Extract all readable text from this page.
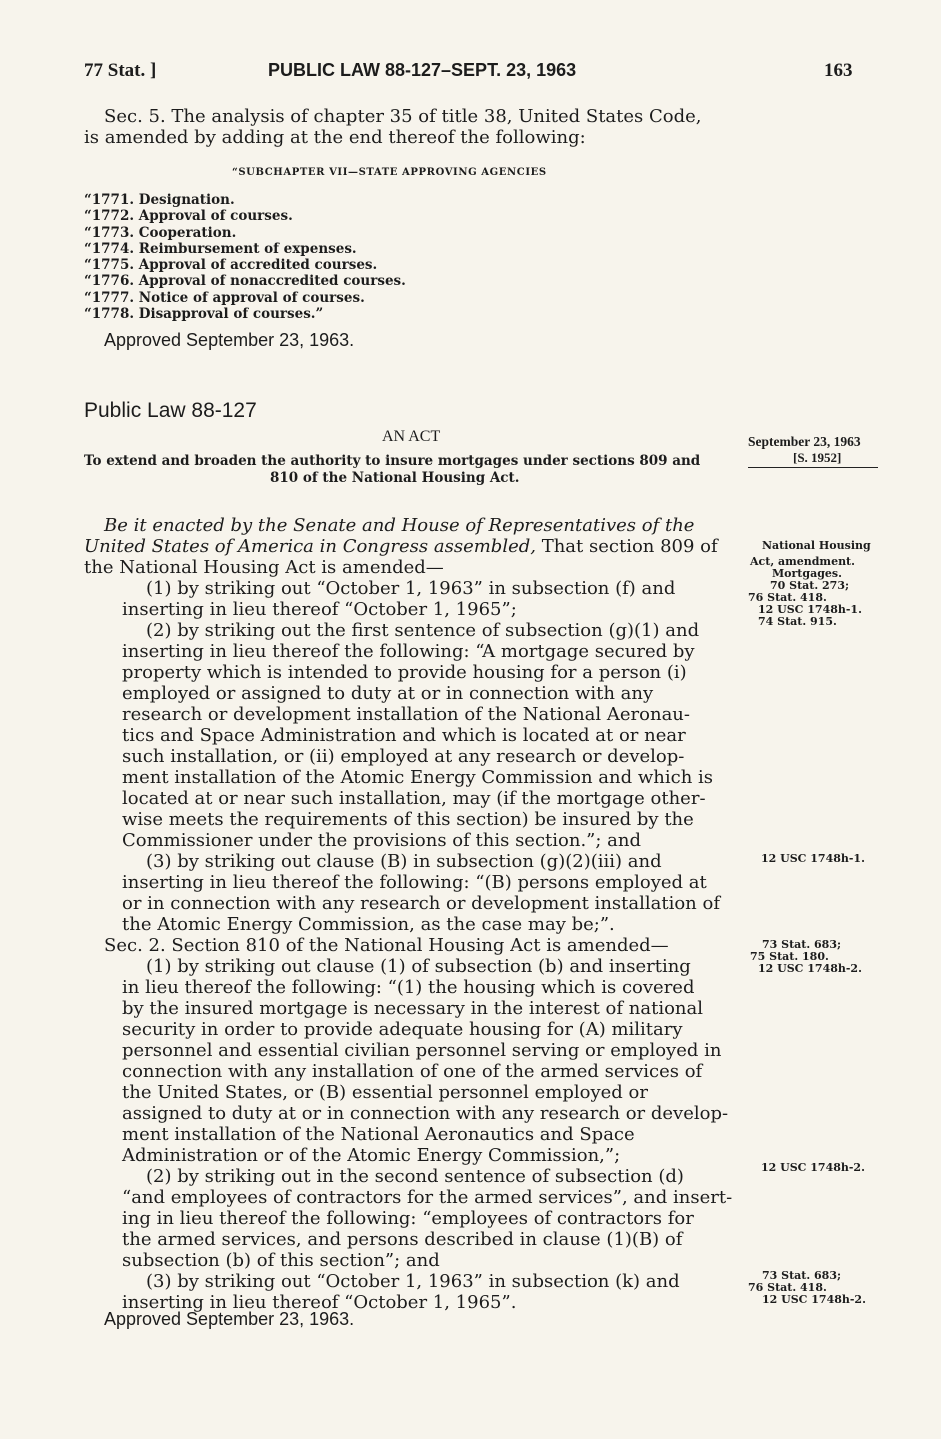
77 Stat. ]	PUBLIC LAW 88-127–SEPT. 23, 1963	163
Sec. 5. The analysis of chapter 35 of title 38, United States Code,
is amended by adding at the end thereof the following:
“SUBCHAPTER VII—STATE APPROVING AGENCIES
“1771. Designation.
“1772. Approval of courses.
“1773. Cooperation.
“1774. Reimbursement of expenses.
“1775. Approval of accredited courses.
“1776. Approval of nonaccredited courses.
“1777. Notice of approval of courses.
“1778. Disapproval of courses.”
Approved September 23, 1963.
Public Law 88-127
AN ACT
To extend and broaden the authority to insure mortgages under sections 809 and
810 of the National Housing Act.
September 23, 1963
[S. 1952]
Be it enacted by the Senate and House of Representatives of the
United States of America in Congress assembled, That section 809 of
the National Housing Act is amended—
(1) by striking out “October 1, 1963” in subsection (f) and
inserting in lieu thereof “October 1, 1965”;
(2) by striking out the first sentence of subsection (g)(1) and
inserting in lieu thereof the following: “A mortgage secured by
property which is intended to provide housing for a person (i)
employed or assigned to duty at or in connection with any
research or development installation of the National Aeronau-
tics and Space Administration and which is located at or near
such installation, or (ii) employed at any research or develop-
ment installation of the Atomic Energy Commission and which is
located at or near such installation, may (if the mortgage other-
wise meets the requirements of this section) be insured by the
Commissioner under the provisions of this section.”; and
(3) by striking out clause (B) in subsection (g)(2)(iii) and
inserting in lieu thereof the following: “(B) persons employed at
or in connection with any research or development installation of
the Atomic Energy Commission, as the case may be;”.
Sec. 2. Section 810 of the National Housing Act is amended—
(1) by striking out clause (1) of subsection (b) and inserting
in lieu thereof the following: “(1) the housing which is covered
by the insured mortgage is necessary in the interest of national
security in order to provide adequate housing for (A) military
personnel and essential civilian personnel serving or employed in
connection with any installation of one of the armed services of
the United States, or (B) essential personnel employed or
assigned to duty at or in connection with any research or develop-
ment installation of the National Aeronautics and Space
Administration or of the Atomic Energy Commission,”;
(2) by striking out in the second sentence of subsection (d)
“and employees of contractors for the armed services”, and insert-
ing in lieu thereof the following: “employees of contractors for
the armed services, and persons described in clause (1)(B) of
subsection (b) of this section”; and
(3) by striking out “October 1, 1963” in subsection (k) and
inserting in lieu thereof “October 1, 1965”.
Approved September 23, 1963.
National Housing
Act, amendment.
Mortgages.
70 Stat. 273;
76 Stat. 418.
12 USC 1748h-1.
74 Stat. 915.
12 USC 1748h-1.
73 Stat. 683;
75 Stat. 180.
12 USC 1748h-2.
12 USC 1748h-2.
73 Stat. 683;
76 Stat. 418.
12 USC 1748h-2.
